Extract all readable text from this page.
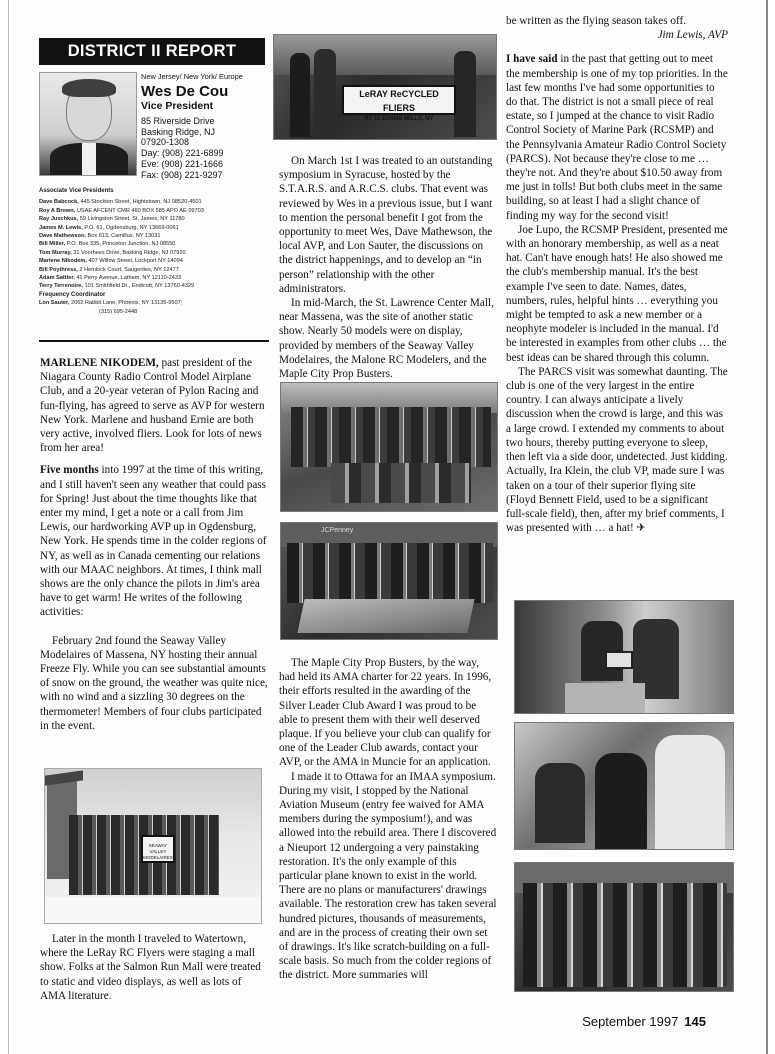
DISTRICT II REPORT
New Jersey/ New York/ Europe
Wes De Cou
Vice President
85 Riverside Drive
Basking Ridge, NJ
07920-1308
Day: (908) 221-6899
Eve: (908) 221-1666
Fax: (908) 221-9297
Associate Vice Presidents
Dave Babcock, 445 Stockton Street, Hightstown, NJ 08520-4501
Roy A Brown, USAE AFCENT CMR 460 BOX 585 APO AE 09703
Ray Juschkus, 59 Livingston Street, St. James, NY 11780
James M. Lewis, P.O. 61, Ogdensburg, NY 13669-0061
Dave Mathewson, Box 613, Camillus, NY 13031
Bill Miller, P.O. Box 335, Princeton Junction, NJ 08550
Tom Murray, 31 Voorhees Drive, Basking Ridge, NJ 07920
Marlene Nikodem, 407 Willow Street, Lockport NY 14094
Bill Poythress, 2 Hemlock Court, Saugerties, NY 12477
Adam Sattler, 41 Perry Avenue, Latham, NY 12110-2433
Terry Terrenoire, 101 Smithfield Dr., Endicott, NY 13760-4329
Frequency Coordinator
Lon Sauter, 2062 Rabbit Lane, Phoenix, NY 13135-9507;
(315) 695-2448

MARLENE NIKODEM, past president of the Niagara County Radio Control Model Airplane Club, and a 20-year veteran of Pylon Racing and fun-flying, has agreed to serve as AVP for western New York. Marlene and husband Ernie are both very active, involved fliers. Look for lots of news from her area!

Five months into 1997 at the time of this writing, and I still haven't seen any weather that could pass for Spring! Just about the time thoughts like that enter my mind, I get a note or a call from Jim Lewis, our hardworking AVP up in Ogdensburg, New York. He spends time in the colder regions of NY, as well as in Canada cementing our relations with our MAAC neighbors. At times, I think mall shows are the only chance the pilots in Jim's area have to get warm! He writes of the following activities:

February 2nd found the Seaway Valley Modelaires of Massena, NY hosting their annual Freeze Fly. While you can see substantial amounts of snow on the ground, the weather was quite nice, with no wind and a sizzling 30 degrees on the thermometer! Members of four clubs participated in the event.

SEAWAY VALLEY MODELAIRES

Later in the month I traveled to Watertown, where the LeRay RC Flyers were staging a mall show. Folks at the Salmon Run Mall were treated to static and video displays, as well as lots of AMA literature.

LeRAY ReCYCLED FLIERS
RT 11 EVANS MILLS, NY

On March 1st I was treated to an outstanding symposium in Syracuse, hosted by the S.T.A.R.S. and A.R.C.S. clubs. That event was reviewed by Wes in a previous issue, but I want to mention the personal benefit I got from the opportunity to meet Wes, Dave Mathewson, the local AVP, and Lon Sauter, the discussions on the district happenings, and to develop an “in person” relationship with the other administrators.

In mid-March, the St. Lawrence Center Mall, near Massena, was the site of another static show. Nearly 50 models were on display, provided by members of the Seaway Valley Modelaires, the Malone RC Modelers, and the Maple City Prop Busters.

JCPenney

The Maple City Prop Busters, by the way, had held its AMA charter for 22 years. In 1996, their efforts resulted in the awarding of the Silver Leader Club Award I was proud to be able to present them with their well deserved plaque. If you believe your club can qualify for one of the Leader Club awards, contact your AVP, or the AMA in Muncie for an application.

I made it to Ottawa for an IMAA symposium. During my visit, I stopped by the National Aviation Museum (entry fee waived for AMA members during the symposium!), and was allowed into the rebuild area. There I discovered a Nieuport 12 undergoing a very painstaking restoration. It's the only example of this particular plane known to exist in the world. There are no plans or manufacturers' drawings available. The restoration crew has taken several hundred pictures, thousands of measurements, and are in the process of creating their own set of drawings. It's like scratch-building on a full-scale basis. So much from the colder regions of the district. More summaries will

be written as the flying season takes off.

Jim Lewis, AVP

I have said in the past that getting out to meet the membership is one of my top priorities. In the last few months I've had some opportunities to do that. The district is not a small piece of real estate, so I jumped at the chance to visit Radio Control Society of Marine Park (RCSMP) and the Pennsylvania Amateur Radio Control Society (PARCS). Not because they're close to me …they're not. And they're about $10.50 away from me just in tolls! But both clubs meet in the same building, so at least I had a slight chance of finding my way for the second visit!

Joe Lupo, the RCSMP President, presented me with an honorary membership, as well as a neat hat. Can't have enough hats! He also showed me the club's membership manual. It's the best example I've seen to date. Names, dates, numbers, rules, helpful hints … everything you might be tempted to ask a new member or a neophyte modeler is included in the manual. I'd be interested in examples from other clubs … the best ideas can be shared through this column.

The PARCS visit was somewhat daunting. The club is one of the very largest in the entire country. I can always anticipate a lively discussion when the crowd is large, and this was a large crowd. I extended my comments to about two hours, thereby putting everyone to sleep, then left via a side door, undetected. Just kidding. Actually, Ira Klein, the club VP, made sure I was taken on a tour of their superior flying site (Floyd Bennett Field, used to be a significant full-scale field), then, after my brief comments, I was presented with … a hat! ✈

September 1997 145
